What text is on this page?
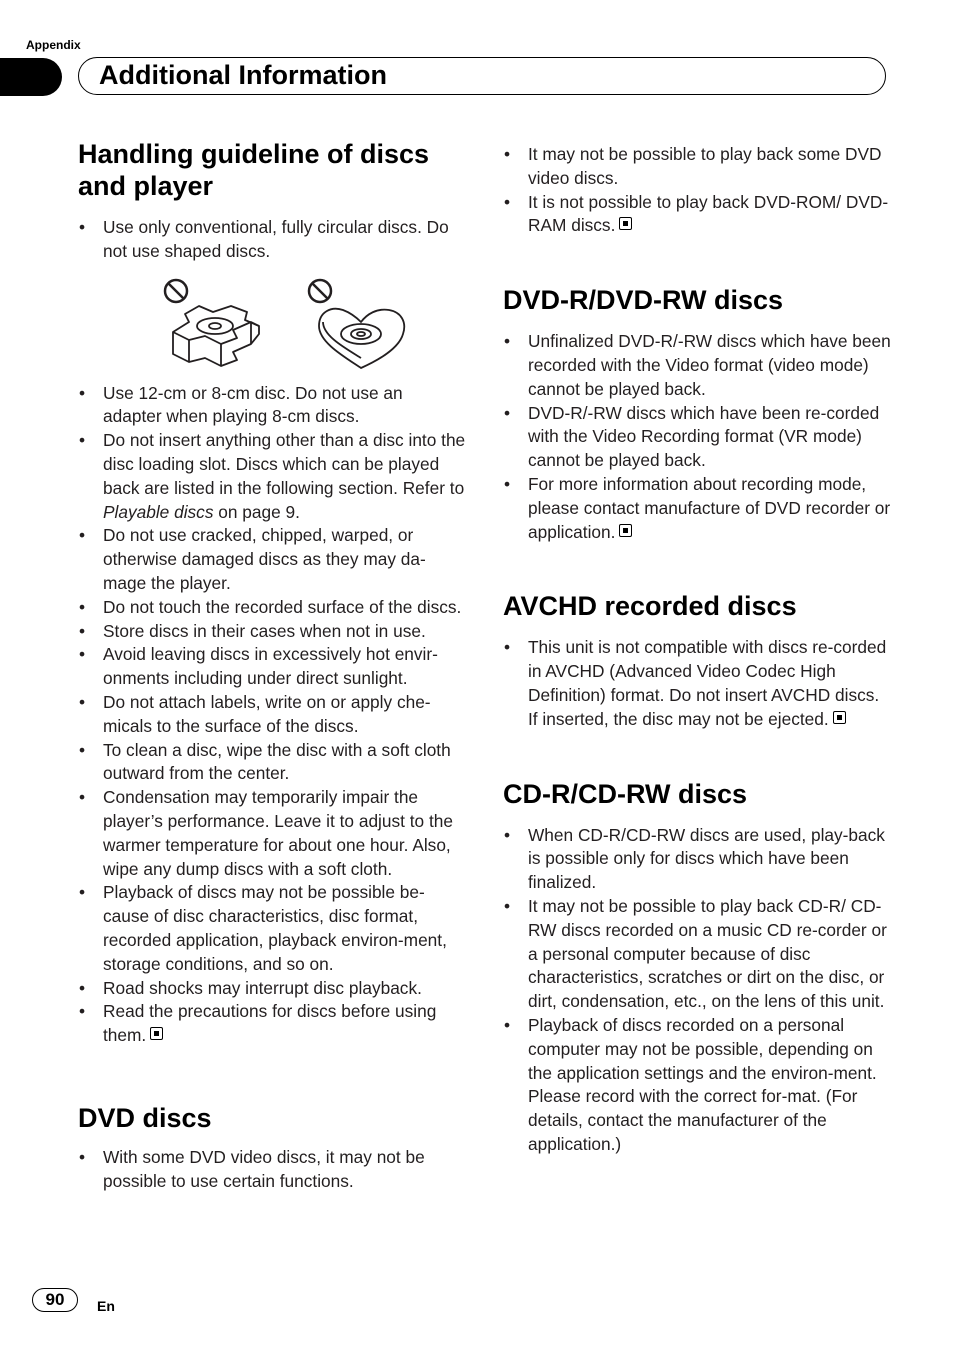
Appendix
Additional Information
Handling guideline of discs and player
• Use only conventional, fully circular discs. Do not use shaped discs.
• Use 12-cm or 8-cm disc. Do not use an adapter when playing 8-cm discs.
• Do not insert anything other than a disc into the disc loading slot. Discs which can be played back are listed in the following section. Refer to Playable discs on page 9.
• Do not use cracked, chipped, warped, or otherwise damaged discs as they may da-mage the player.
• Do not touch the recorded surface of the discs.
• Store discs in their cases when not in use.
• Avoid leaving discs in excessively hot envir-onments including under direct sunlight.
• Do not attach labels, write on or apply che-micals to the surface of the discs.
• To clean a disc, wipe the disc with a soft cloth outward from the center.
• Condensation may temporarily impair the player’s performance. Leave it to adjust to the warmer temperature for about one hour. Also, wipe any dump discs with a soft cloth.
• Playback of discs may not be possible be-cause of disc characteristics, disc format, recorded application, playback environ-ment, storage conditions, and so on.
• Road shocks may interrupt disc playback.
• Read the precautions for discs before using them.
DVD discs
• With some DVD video discs, it may not be possible to use certain functions.
• It may not be possible to play back some DVD video discs.
• It is not possible to play back DVD-ROM/ DVD-RAM discs.
DVD-R/DVD-RW discs
• Unfinalized DVD-R/-RW discs which have been recorded with the Video format (video mode) cannot be played back.
• DVD-R/-RW discs which have been re-corded with the Video Recording format (VR mode) cannot be played back.
• For more information about recording mode, please contact manufacture of DVD recorder or application.
AVCHD recorded discs
• This unit is not compatible with discs re-corded in AVCHD (Advanced Video Codec High Definition) format. Do not insert AVCHD discs. If inserted, the disc may not be ejected.
CD-R/CD-RW discs
• When CD-R/CD-RW discs are used, play-back is possible only for discs which have been finalized.
• It may not be possible to play back CD-R/ CD-RW discs recorded on a music CD re-corder or a personal computer because of disc characteristics, scratches or dirt on the disc, or dirt, condensation, etc., on the lens of this unit.
• Playback of discs recorded on a personal computer may not be possible, depending on the application settings and the environ-ment. Please record with the correct for-mat. (For details, contact the manufacturer of the application.)
90	En
